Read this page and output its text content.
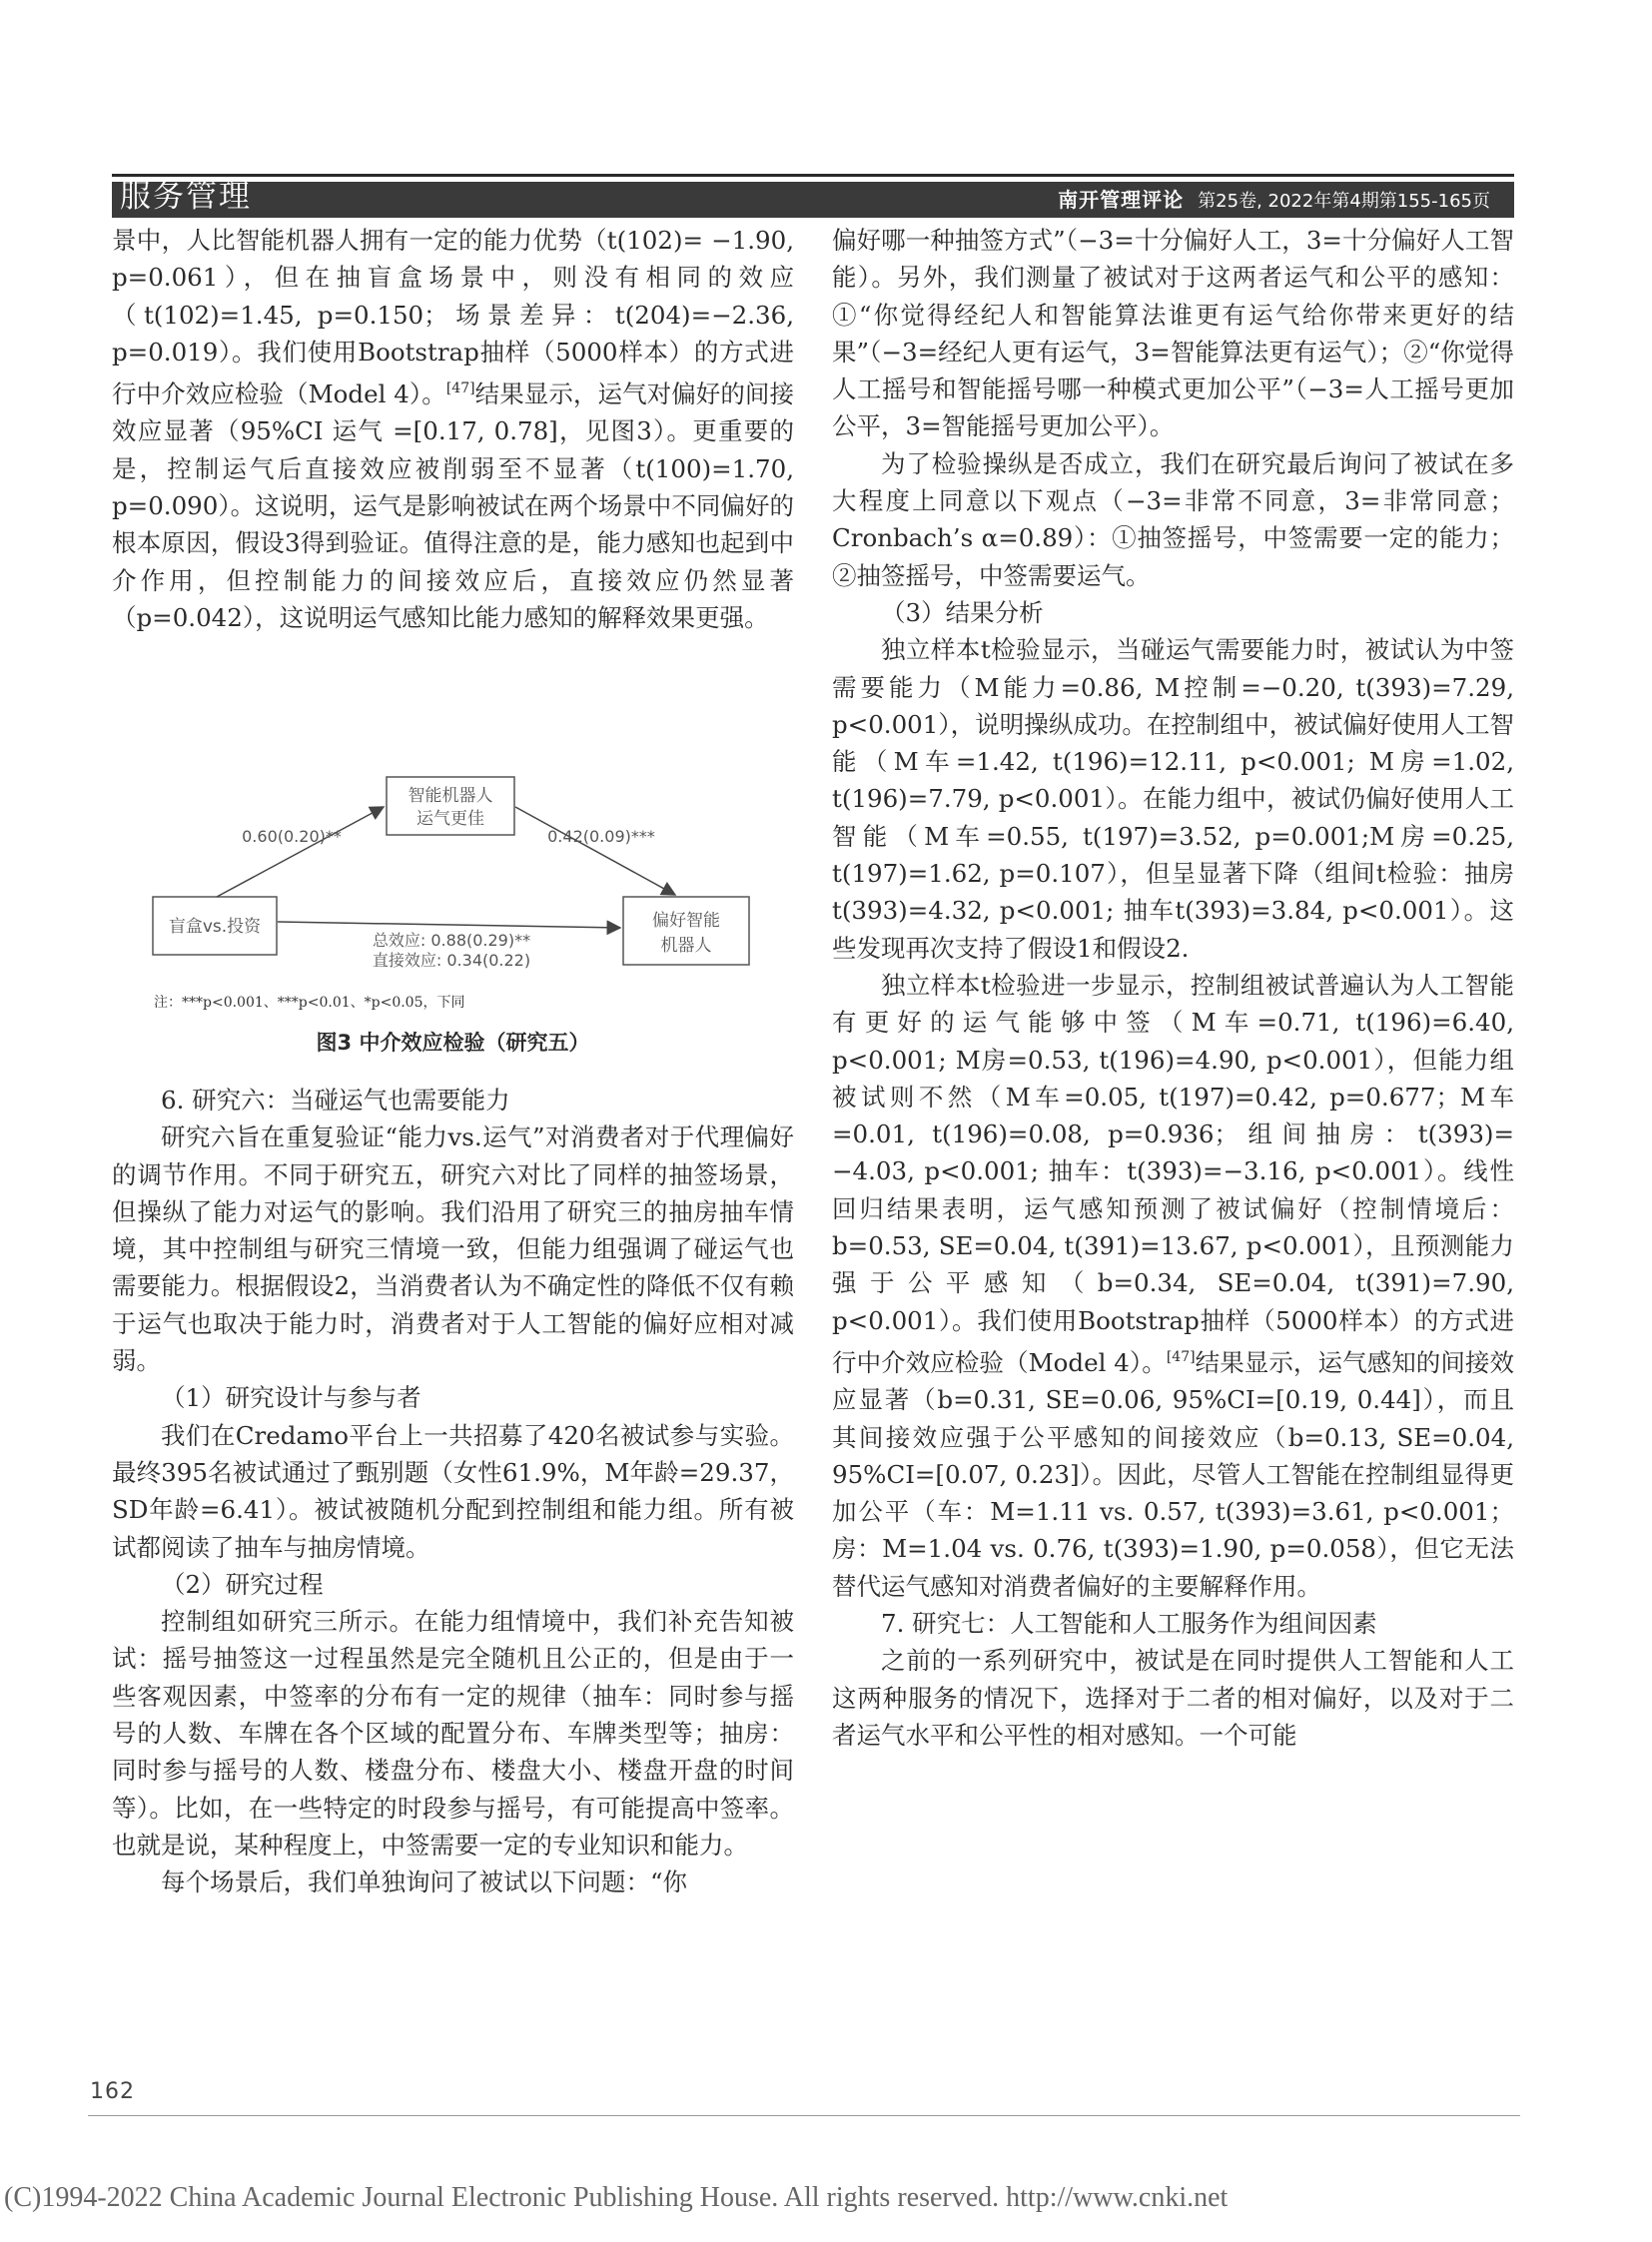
服务管理	南开管理评论 第25卷, 2022年第4期第155-165页

景中，人比智能机器人拥有一定的能力优势（t(102)= −1.90, p=0.061），但在抽盲盒场景中，则没有相同的效应（t(102)=1.45, p=0.150；场景差异：t(204)=−2.36, p=0.019）。我们使用Bootstrap抽样（5000样本）的方式进行中介效应检验（Model 4）。[47]结果显示，运气对偏好的间接效应显著（95%CI 运气 =[0.17, 0.78]，见图3）。更重要的是，控制运气后直接效应被削弱至不显著（t(100)=1.70, p=0.090）。这说明，运气是影响被试在两个场景中不同偏好的根本原因，假设3得到验证。值得注意的是，能力感知也起到中介作用，但控制能力的间接效应后，直接效应仍然显著（p=0.042），这说明运气感知比能力感知的解释效果更强。

智能机器人
运气更佳
盲盒vs.投资	偏好智能
机器人
0.60(0.20)**	0.42(0.09)***
总效应: 0.88(0.29)**
直接效应: 0.34(0.22)
注：***p<0.001、***p<0.01、*p<0.05，下同
图3 中介效应检验（研究五）

6. 研究六：当碰运气也需要能力

研究六旨在重复验证“能力vs.运气”对消费者对于代理偏好的调节作用。不同于研究五，研究六对比了同样的抽签场景，但操纵了能力对运气的影响。我们沿用了研究三的抽房抽车情境，其中控制组与研究三情境一致，但能力组强调了碰运气也需要能力。根据假设2，当消费者认为不确定性的降低不仅有赖于运气也取决于能力时，消费者对于人工智能的偏好应相对减弱。

（1）研究设计与参与者

我们在Credamo平台上一共招募了420名被试参与实验。最终395名被试通过了甄别题（女性61.9%，M年龄=29.37，SD年龄=6.41）。被试被随机分配到控制组和能力组。所有被试都阅读了抽车与抽房情境。

（2）研究过程

控制组如研究三所示。在能力组情境中，我们补充告知被试：摇号抽签这一过程虽然是完全随机且公正的，但是由于一些客观因素，中签率的分布有一定的规律（抽车：同时参与摇号的人数、车牌在各个区域的配置分布、车牌类型等；抽房：同时参与摇号的人数、楼盘分布、楼盘大小、楼盘开盘的时间等）。比如，在一些特定的时段参与摇号，有可能提高中签率。也就是说，某种程度上，中签需要一定的专业知识和能力。

每个场景后，我们单独询问了被试以下问题：“你

偏好哪一种抽签方式”（−3=十分偏好人工，3=十分偏好人工智能）。另外，我们测量了被试对于这两者运气和公平的感知：①“你觉得经纪人和智能算法谁更有运气给你带来更好的结果”（−3=经纪人更有运气，3=智能算法更有运气）；②“你觉得人工摇号和智能摇号哪一种模式更加公平”（−3=人工摇号更加公平，3=智能摇号更加公平）。

为了检验操纵是否成立，我们在研究最后询问了被试在多大程度上同意以下观点（−3=非常不同意，3=非常同意；Cronbach’s α=0.89）：①抽签摇号，中签需要一定的能力；②抽签摇号，中签需要运气。

（3）结果分析

独立样本t检验显示，当碰运气需要能力时，被试认为中签需要能力（M能力=0.86, M控制=−0.20, t(393)=7.29, p<0.001），说明操纵成功。在控制组中，被试偏好使用人工智能（M车=1.42, t(196)=12.11, p<0.001; M房=1.02, t(196)=7.79, p<0.001）。在能力组中，被试仍偏好使用人工智能（M车=0.55, t(197)=3.52, p=0.001;M房=0.25, t(197)=1.62, p=0.107），但呈显著下降（组间t检验：抽房t(393)=4.32, p<0.001; 抽车t(393)=3.84, p<0.001）。这些发现再次支持了假设1和假设2.

独立样本t检验进一步显示，控制组被试普遍认为人工智能有更好的运气能够中签（M车=0.71, t(196)=6.40, p<0.001; M房=0.53, t(196)=4.90, p<0.001），但能力组被试则不然（M车=0.05, t(197)=0.42, p=0.677；M车=0.01, t(196)=0.08, p=0.936；组间抽房：t(393)= −4.03, p<0.001; 抽车：t(393)=−3.16, p<0.001）。线性回归结果表明，运气感知预测了被试偏好（控制情境后：b=0.53, SE=0.04, t(391)=13.67, p<0.001），且预测能力强于公平感知（b=0.34, SE=0.04, t(391)=7.90, p<0.001）。我们使用Bootstrap抽样（5000样本）的方式进行中介效应检验（Model 4）。[47]结果显示，运气感知的间接效应显著（b=0.31, SE=0.06, 95%CI=[0.19, 0.44]），而且其间接效应强于公平感知的间接效应（b=0.13, SE=0.04, 95%CI=[0.07, 0.23]）。因此，尽管人工智能在控制组显得更加公平（车：M=1.11 vs. 0.57, t(393)=3.61, p<0.001；房：M=1.04 vs. 0.76, t(393)=1.90, p=0.058），但它无法替代运气感知对消费者偏好的主要解释作用。

7. 研究七：人工智能和人工服务作为组间因素

之前的一系列研究中，被试是在同时提供人工智能和人工这两种服务的情况下，选择对于二者的相对偏好，以及对于二者运气水平和公平性的相对感知。一个可能

162
(C)1994-2022 China Academic Journal Electronic Publishing House. All rights reserved. http://www.cnki.net
